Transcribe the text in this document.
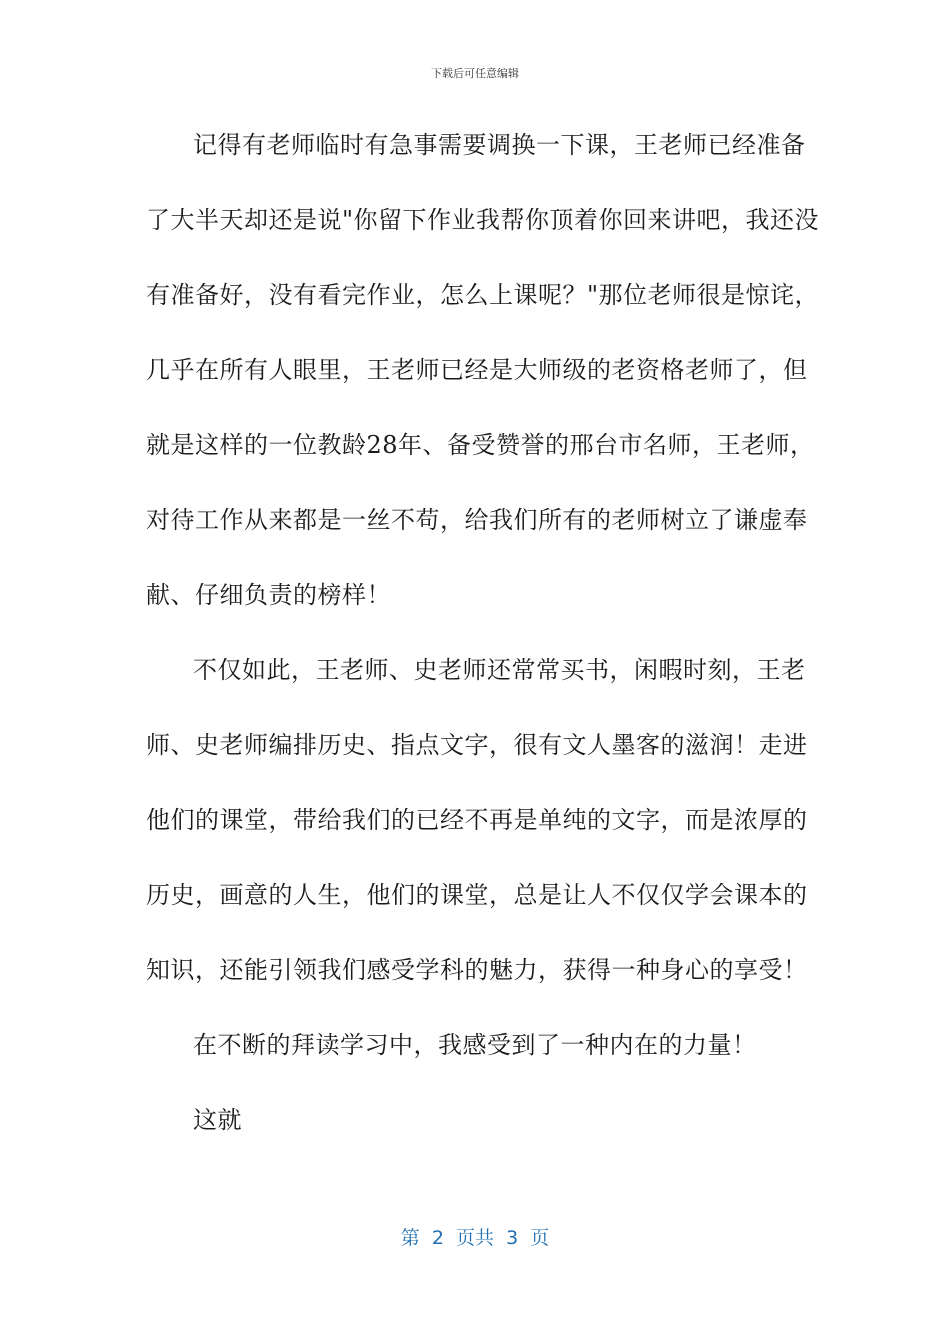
下载后可任意编辑
记得有老师临时有急事需要调换一下课，王老师已经准备
了大半天却还是说"你留下作业我帮你顶着你回来讲吧，我还没
有准备好，没有看完作业，怎么上课呢？"那位老师很是惊诧，
几乎在所有人眼里，王老师已经是大师级的老资格老师了，但
就是这样的一位教龄28年、备受赞誉的邢台市名师，王老师，
对待工作从来都是一丝不苟，给我们所有的老师树立了谦虚奉
献、仔细负责的榜样！
不仅如此，王老师、史老师还常常买书，闲暇时刻，王老
师、史老师编排历史、指点文字，很有文人墨客的滋润！走进
他们的课堂，带给我们的已经不再是单纯的文字，而是浓厚的
历史，画意的人生，他们的课堂，总是让人不仅仅学会课本的
知识，还能引领我们感受学科的魅力，获得一种身心的享受！
在不断的拜读学习中，我感受到了一种内在的力量！
这就
第  2  页共  3  页
